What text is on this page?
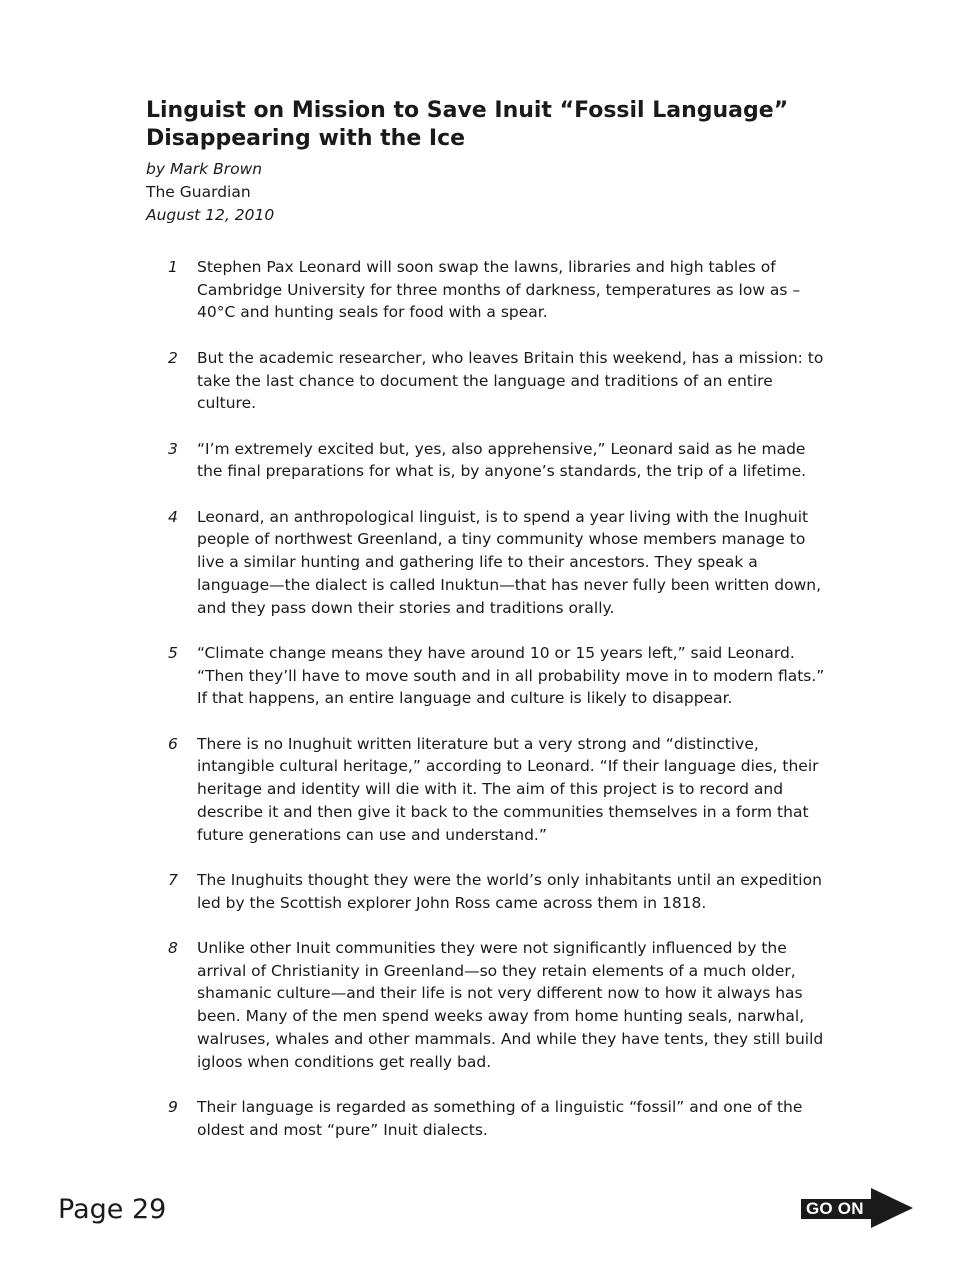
Linguist on Mission to Save Inuit “Fossil Language” Disappearing with the Ice
by Mark Brown
The Guardian
August 12, 2010
1	Stephen Pax Leonard will soon swap the lawns, libraries and high tables of Cambridge University for three months of darkness, temperatures as low as –40°C and hunting seals for food with a spear.
2	But the academic researcher, who leaves Britain this weekend, has a mission: to take the last chance to document the language and traditions of an entire culture.
3	“I’m extremely excited but, yes, also apprehensive,” Leonard said as he made the final preparations for what is, by anyone’s standards, the trip of a lifetime.
4	Leonard, an anthropological linguist, is to spend a year living with the Inughuit people of northwest Greenland, a tiny community whose members manage to live a similar hunting and gathering life to their ancestors. They speak a language—the dialect is called Inuktun—that has never fully been written down, and they pass down their stories and traditions orally.
5	“Climate change means they have around 10 or 15 years left,” said Leonard. “Then they’ll have to move south and in all probability move in to modern flats.” If that happens, an entire language and culture is likely to disappear.
6	There is no Inughuit written literature but a very strong and “distinctive, intangible cultural heritage,” according to Leonard. “If their language dies, their heritage and identity will die with it. The aim of this project is to record and describe it and then give it back to the communities themselves in a form that future generations can use and understand.”
7	The Inughuits thought they were the world’s only inhabitants until an expedition led by the Scottish explorer John Ross came across them in 1818.
8	Unlike other Inuit communities they were not significantly influenced by the arrival of Christianity in Greenland—so they retain elements of a much older, shamanic culture—and their life is not very different now to how it always has been. Many of the men spend weeks away from home hunting seals, narwhal, walruses, whales and other mammals. And while they have tents, they still build igloos when conditions get really bad.
9	Their language is regarded as something of a linguistic “fossil” and one of the oldest and most “pure” Inuit dialects.
Page 29	GO ON
